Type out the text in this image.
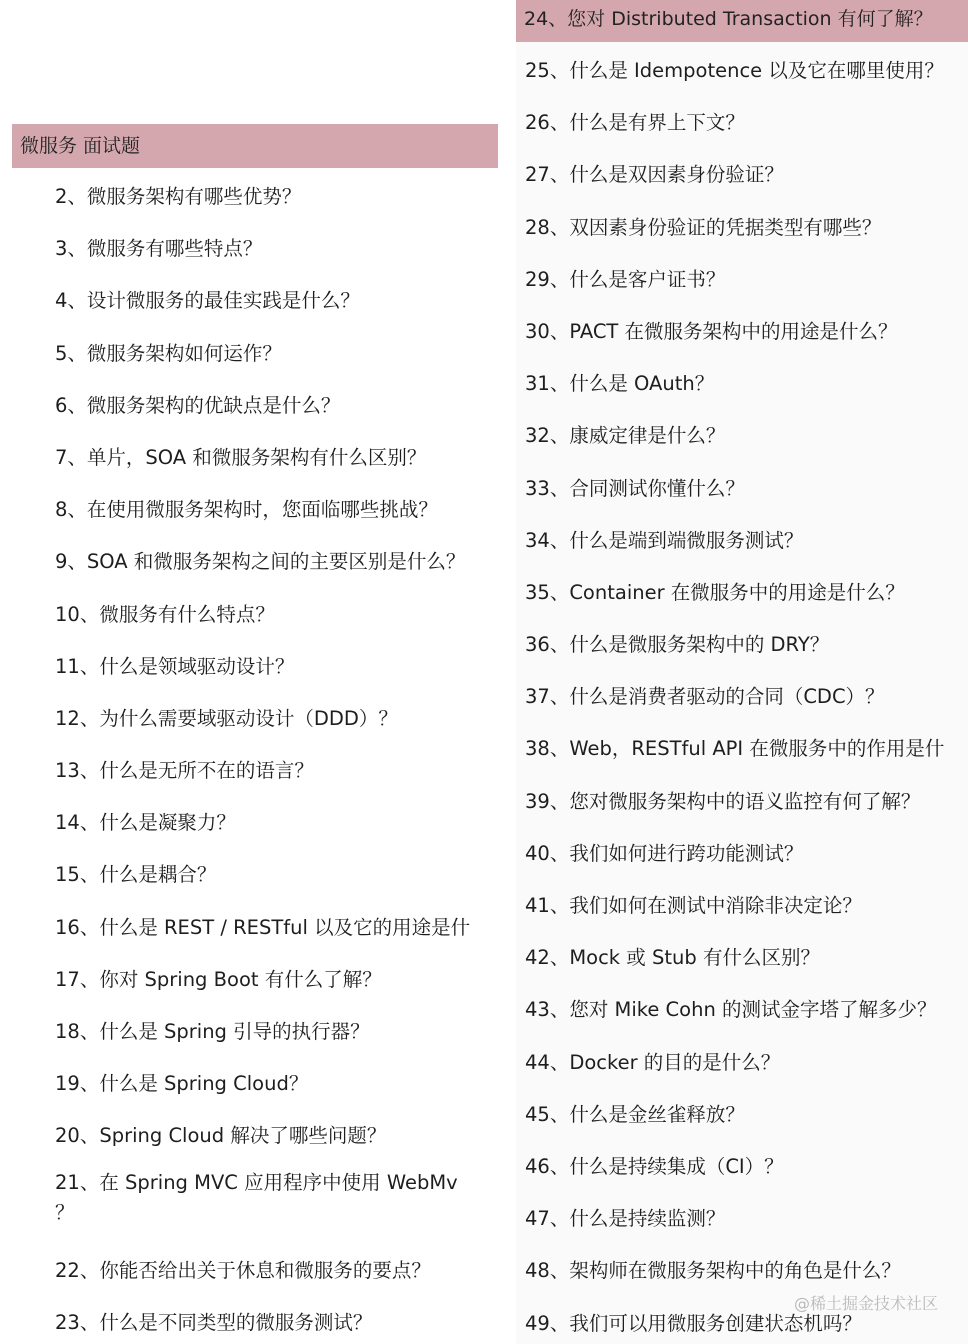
微服务 面试题
2、微服务架构有哪些优势？
3、微服务有哪些特点？
4、设计微服务的最佳实践是什么？
5、微服务架构如何运作？
6、微服务架构的优缺点是什么？
7、单片，SOA 和微服务架构有什么区别？
8、在使用微服务架构时，您面临哪些挑战？
9、SOA 和微服务架构之间的主要区别是什么？
10、微服务有什么特点？
11、什么是领域驱动设计？
12、为什么需要域驱动设计（DDD）？
13、什么是无所不在的语言？
14、什么是凝聚力？
15、什么是耦合？
16、什么是 REST / RESTful 以及它的用途是什
17、你对 Spring Boot 有什么了解？
18、什么是 Spring 引导的执行器？
19、什么是 Spring Cloud？
20、Spring Cloud 解决了哪些问题？
21、在 Spring MVC 应用程序中使用 WebMv
？
22、你能否给出关于休息和微服务的要点？
23、什么是不同类型的微服务测试？
24、您对 Distributed Transaction 有何了解？
25、什么是 Idempotence 以及它在哪里使用？
26、什么是有界上下文？
27、什么是双因素身份验证？
28、双因素身份验证的凭据类型有哪些？
29、什么是客户证书？
30、PACT 在微服务架构中的用途是什么？
31、什么是 OAuth？
32、康威定律是什么？
33、合同测试你懂什么？
34、什么是端到端微服务测试？
35、Container 在微服务中的用途是什么？
36、什么是微服务架构中的 DRY？
37、什么是消费者驱动的合同（CDC）？
38、Web，RESTful API 在微服务中的作用是什
39、您对微服务架构中的语义监控有何了解？
40、我们如何进行跨功能测试？
41、我们如何在测试中消除非决定论？
42、Mock 或 Stub 有什么区别？
43、您对 Mike Cohn 的测试金字塔了解多少？
44、Docker 的目的是什么？
45、什么是金丝雀释放？
46、什么是持续集成（CI）？
47、什么是持续监测？
48、架构师在微服务架构中的角色是什么？
49、我们可以用微服务创建状态机吗？
@稀土掘金技术社区
